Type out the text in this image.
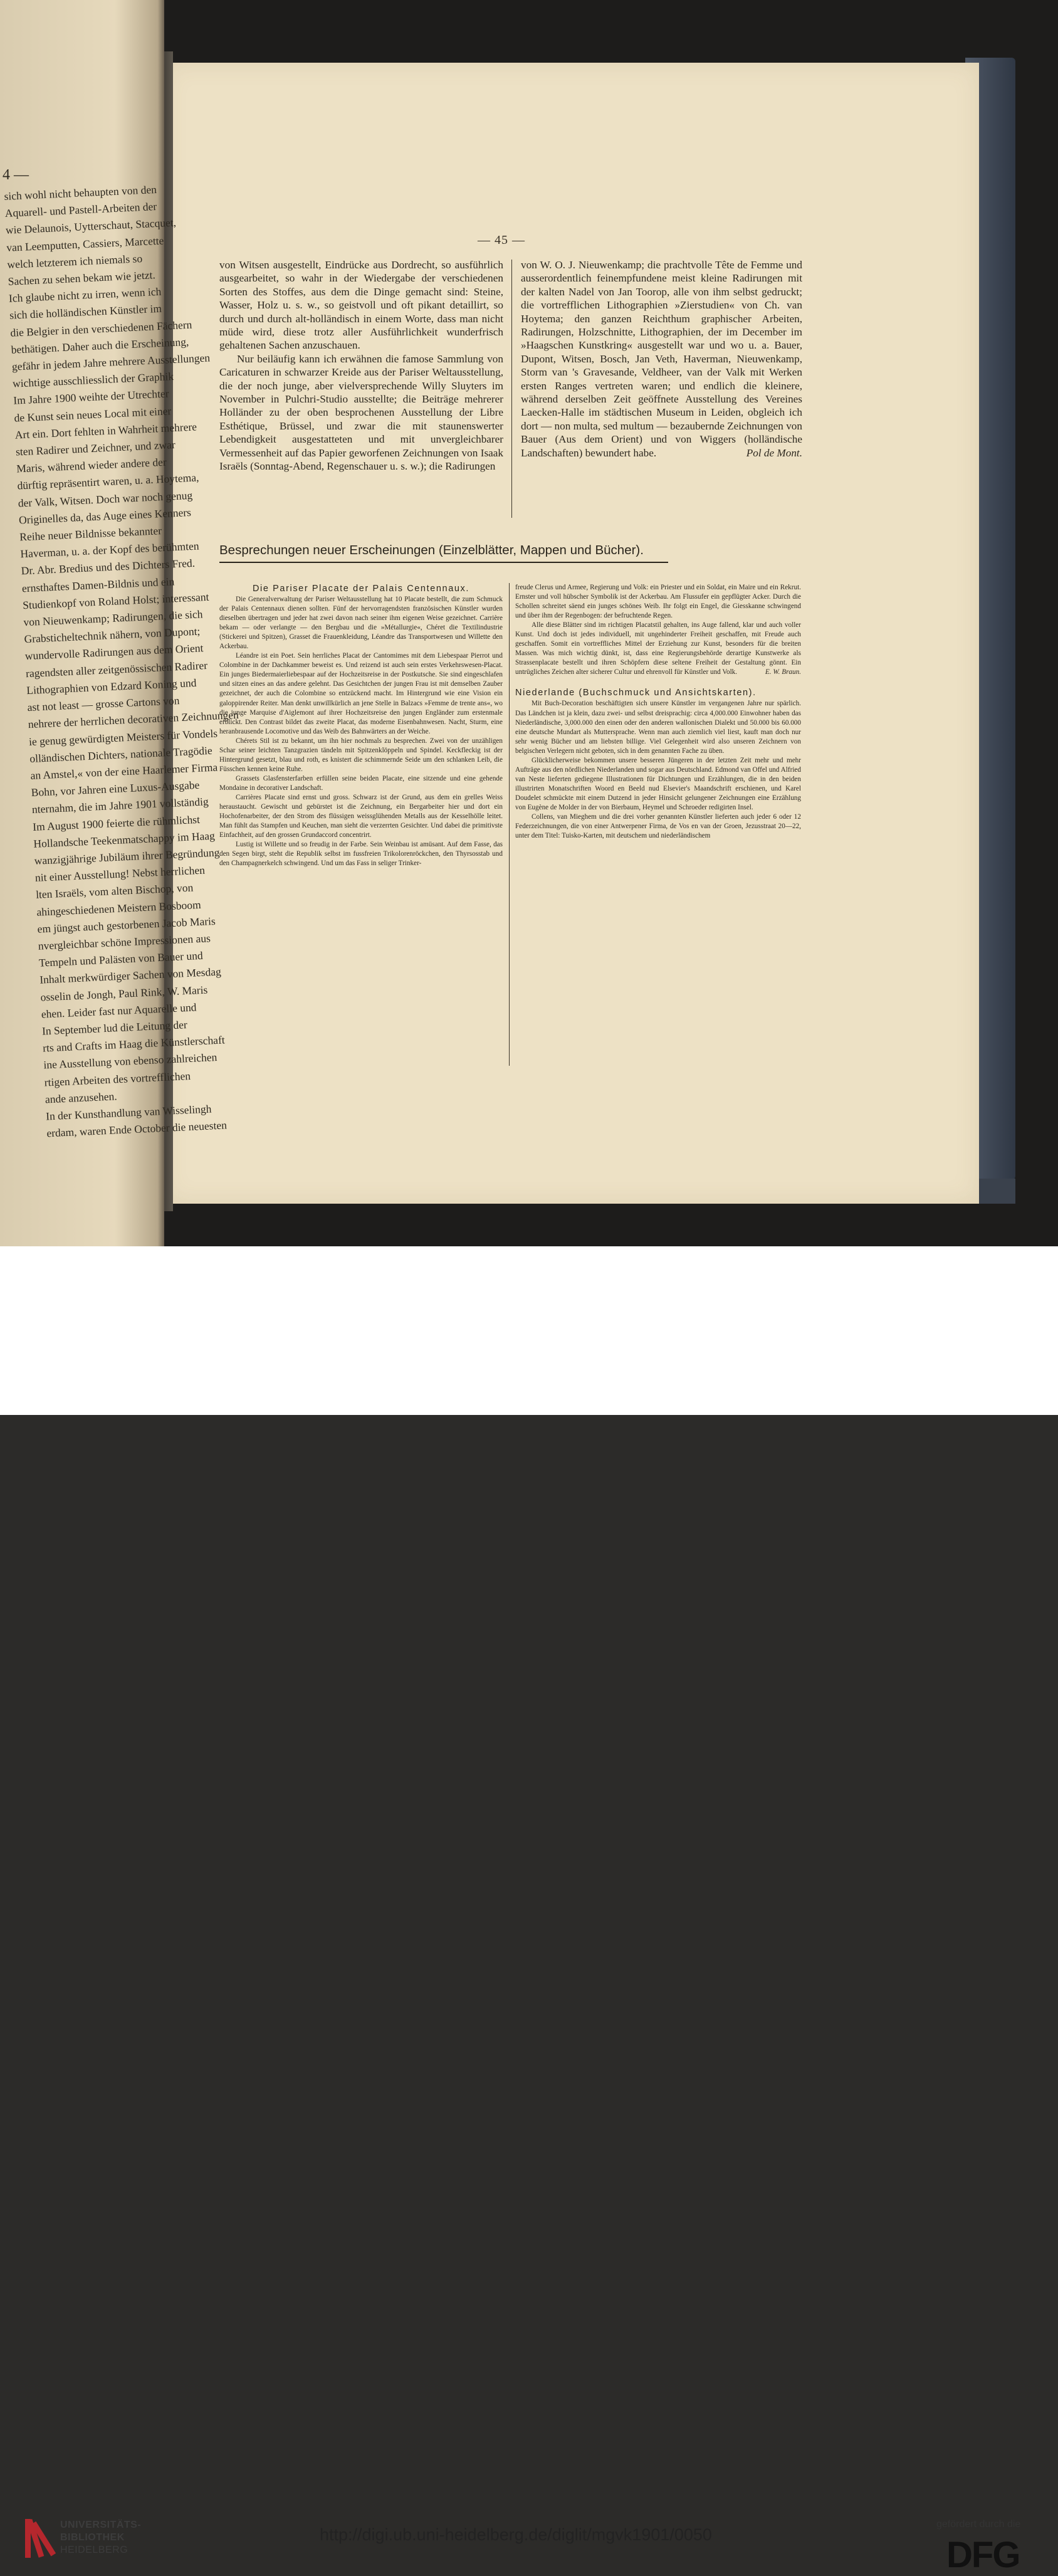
4 —
sich wohl nicht behaupten von den
Aquarell- und Pastell-Arbeiten der
wie Delaunois, Uytterschaut, Stacquet,
van Leemputten, Cassiers, Marcette
welch letzterem ich niemals so
Sachen zu sehen bekam wie jetzt.
Ich glaube nicht zu irren, wenn ich
sich die holländischen Künstler im
die Belgier in den verschiedenen Fächern
bethätigen. Daher auch die Erscheinung,
gefähr in jedem Jahre mehrere Ausstellungen
wichtige ausschliesslich der Graphik
Im Jahre 1900 weihte der Utrechter
de Kunst sein neues Local mit einer
Art ein. Dort fehlten in Wahrheit mehrere
sten Radirer und Zeichner, und zwar
Maris, während wieder andere der
dürftig repräsentirt waren, u. a. Hoytema,
der Valk, Witsen. Doch war noch genug
Originelles da, das Auge eines Kenners
Reihe neuer Bildnisse bekannter
Haverman, u. a. der Kopf des berühmten
Dr. Abr. Bredius und des Dichters Fred.
ernsthaftes Damen-Bildnis und ein
Studienkopf von Roland Holst; interessant
von Nieuwenkamp; Radirungen, die sich
Grabsticheltechnik nähern, von Dupont;
wundervolle Radirungen aus dem Orient
ragendsten aller zeitgenössischen Radirer
Lithographien von Edzard Koning und
ast not least — grosse Cartons von
nehrere der herrlichen decorativen Zeichnungen
ie genug gewürdigten Meisters für Vondels
olländischen Dichters, nationale Tragödie
an Amstel,« von der eine Haarlemer Firma
Bohn, vor Jahren eine Luxus-Ausgabe
nternahm, die im Jahre 1901 vollständig
Im August 1900 feierte die rühmlichst
Hollandsche Teekenmatschappy im Haag
wanzigjährige Jubiläum ihrer Begründung
nit einer Ausstellung! Nebst herrlichen
lten Israëls, vom alten Bischop, von
ahingeschiedenen Meistern Bosboom
em jüngst auch gestorbenen Jacob Maris
nvergleichbar schöne Impressionen aus
Tempeln und Palästen von Bauer und
Inhalt merkwürdiger Sachen von Mesdag
osselin de Jongh, Paul Rink, W. Maris
ehen. Leider fast nur Aquarelle und
In September lud die Leitung der
rts and Crafts im Haag die Künstlerschaft
ine Ausstellung von ebenso zahlreichen
rtigen Arbeiten des vortrefflichen
ande anzusehen.
In der Kunsthandlung van Wisselingh
erdam, waren Ende October die neuesten
— 45 —

von Witsen ausgestellt, Eindrücke aus Dordrecht, so ausführlich ausgearbeitet, so wahr in der Wiedergabe der verschiedenen Sorten des Stoffes, aus dem die Dinge gemacht sind: Steine, Wasser, Holz u. s. w., so geistvoll und oft pikant detaillirt, so durch und durch alt-holländisch in einem Worte, dass man nicht müde wird, diese trotz aller Ausführlichkeit wunderfrisch gehaltenen Sachen anzuschauen.

Nur beiläufig kann ich erwähnen die famose Sammlung von Caricaturen in schwarzer Kreide aus der Pariser Weltausstellung, die der noch junge, aber vielversprechende Willy Sluyters im November in Pulchri-Studio ausstellte; die Beiträge mehrerer Holländer zu der oben besprochenen Ausstellung der Libre Esthétique, Brüssel, und zwar die mit staunenswerter Lebendigkeit ausgestatteten und mit unvergleichbarer Vermessenheit auf das Papier geworfenen Zeichnungen von Isaak Israëls (Sonntag-Abend, Regenschauer u. s. w.); die Radirungen

von W. O. J. Nieuwenkamp; die prachtvolle Tête de Femme und ausserordentlich feinempfundene meist kleine Radirungen mit der kalten Nadel von Jan Toorop, alle von ihm selbst gedruckt; die vortrefflichen Lithographien »Zierstudien« von Ch. van Hoytema; den ganzen Reichthum graphischer Arbeiten, Radirungen, Holzschnitte, Lithographien, der im December im »Haagschen Kunstkring« ausgestellt war und wo u. a. Bauer, Dupont, Witsen, Bosch, Jan Veth, Haverman, Nieuwenkamp, Storm van 's Gravesande, Veldheer, van der Valk mit Werken ersten Ranges vertreten waren; und endlich die kleinere, während derselben Zeit geöffnete Ausstellung des Vereines Laecken-Halle im städtischen Museum in Leiden, obgleich ich dort — non multa, sed multum — bezaubernde Zeichnungen von Bauer (Aus dem Orient) und von Wiggers (holländische Landschaften) bewundert habe.	Pol de Mont.

Besprechungen neuer Erscheinungen (Einzelblätter, Mappen und Bücher).

Die Pariser Placate der Palais Centennaux.

Die Generalverwaltung der Pariser Weltausstellung hat 10 Placate bestellt, die zum Schmuck der Palais Centennaux dienen sollten. Fünf der hervorragendsten französischen Künstler wurden dieselben übertragen und jeder hat zwei davon nach seiner ihm eigenen Weise gezeichnet. Carrière bekam — oder verlangte — den Bergbau und die »Métallurgie«, Chéret die Textilindustrie (Stickerei und Spitzen), Grasset die Frauenkleidung, Léandre das Transportwesen und Willette den Ackerbau.

Léandre ist ein Poet. Sein herrliches Placat der Cantomimes mit dem Liebespaar Pierrot und Colombine in der Dachkammer beweist es. Und reizend ist auch sein erstes Verkehrswesen-Placat. Ein junges Biedermaierliebespaar auf der Hochzeitsreise in der Postkutsche. Sie sind eingeschlafen und sitzen eines an das andere gelehnt. Das Gesichtchen der jungen Frau ist mit demselben Zauber gezeichnet, der auch die Colombine so entzückend macht. Im Hintergrund wie eine Vision ein galoppirender Reiter. Man denkt unwillkürlich an jene Stelle in Balzacs »Femme de trente ans«, wo die junge Marquise d'Aiglemont auf ihrer Hochzeitsreise den jungen Engländer zum erstenmale erblickt. Den Contrast bildet das zweite Placat, das moderne Eisenbahnwesen. Nacht, Sturm, eine heranbrausende Locomotive und das Weib des Bahnwärters an der Weiche.

Chérets Stil ist zu bekannt, um ihn hier nochmals zu besprechen. Zwei von der unzähligen Schar seiner leichten Tanzgrazien tändeln mit Spitzenklöppeln und Spindel. Keckfleckig ist der Hintergrund gesetzt, blau und roth, es knistert die schimmernde Seide um den schlanken Leib, die Füsschen kennen keine Ruhe.

Grassets Glasfensterfarben erfüllen seine beiden Placate, eine sitzende und eine gehende Mondaine in decorativer Landschaft.

Carrières Placate sind ernst und gross. Schwarz ist der Grund, aus dem ein grelles Weiss heraustaucht. Gewischt und gebürstet ist die Zeichnung, ein Bergarbeiter hier und dort ein Hochofenarbeiter, der den Strom des flüssigen weissglühenden Metalls aus der Kesselhölle leitet. Man fühlt das Stampfen und Keuchen, man sieht die verzerrten Gesichter. Und dabei die primitivste Einfachheit, auf den grossen Grundaccord concentrirt.

Lustig ist Willette und so freudig in der Farbe. Sein Weinbau ist amüsant. Auf dem Fasse, das den Segen birgt, steht die Republik selbst im fussfreien Trikolorenröckchen, den Thyrsosstab und den Champagnerkelch schwingend. Und um das Fass in seliger Trinker-

freude Clerus und Armee, Regierung und Volk: ein Priester und ein Soldat, ein Maire und ein Rekrut. Ernster und voll hübscher Symbolik ist der Ackerbau. Am Flussufer ein gepflügter Acker. Durch die Schollen schreitet säend ein junges schönes Weib. Ihr folgt ein Engel, die Giesskanne schwingend und über ihm der Regenbogen: der befruchtende Regen.

Alle diese Blätter sind im richtigen Placatstil gehalten, ins Auge fallend, klar und auch voller Kunst. Und doch ist jedes individuell, mit ungehinderter Freiheit geschaffen, mit Freude auch geschaffen. Somit ein vortreffliches Mittel der Erziehung zur Kunst, besonders für die breiten Massen. Was mich wichtig dünkt, ist, dass eine Regierungsbehörde derartige Kunstwerke als Strassenplacate bestellt und ihren Schöpfern diese seltene Freiheit der Gestaltung gönnt. Ein untrügliches Zeichen alter sicherer Cultur und ehrenvoll für Künstler und Volk.	E. W. Braun.

Niederlande (Buchschmuck und Ansichtskarten).

Mit Buch-Decoration beschäftigten sich unsere Künstler im vergangenen Jahre nur spärlich. Das Ländchen ist ja klein, dazu zwei- und selbst dreisprachig: circa 4,000.000 Einwohner haben das Niederländische, 3,000.000 den einen oder den anderen wallonischen Dialekt und 50.000 bis 60.000 eine deutsche Mundart als Muttersprache. Wenn man auch ziemlich viel liest, kauft man doch nur sehr wenig Bücher und am liebsten billige. Viel Gelegenheit wird also unseren Zeichnern von belgischen Verlegern nicht geboten, sich in dem genannten Fache zu üben.

Glücklicherweise bekommen unsere besseren Jüngeren in der letzten Zeit mehr und mehr Aufträge aus den nördlichen Niederlanden und sogar aus Deutschland. Edmond van Offel und Alfried van Neste lieferten gediegene Illustrationen für Dichtungen und Erzählungen, die in den beiden illustrirten Monatschriften Woord en Beeld nud Elsevier's Maandschrift erschienen, und Karel Doudelet schmückte mit einem Dutzend in jeder Hinsicht gelungener Zeichnungen eine Erzählung von Eugène de Molder in der von Bierbaum, Heymel und Schroeder redigirten Insel.

Collens, van Mieghem und die drei vorher genannten Künstler lieferten auch jeder 6 oder 12 Federzeichnungen, die von einer Antwerpener Firma, de Vos en van der Groen, Jezusstraat 20—22, unter dem Titel: Tuisko-Karten, mit deutschem und niederländischem

UNIVERSITÄTS-
BIBLIOTHEK
HEIDELBERG
http://digi.ub.uni-heidelberg.de/diglit/mgvk1901/0050
gefördert durch die
DFG
